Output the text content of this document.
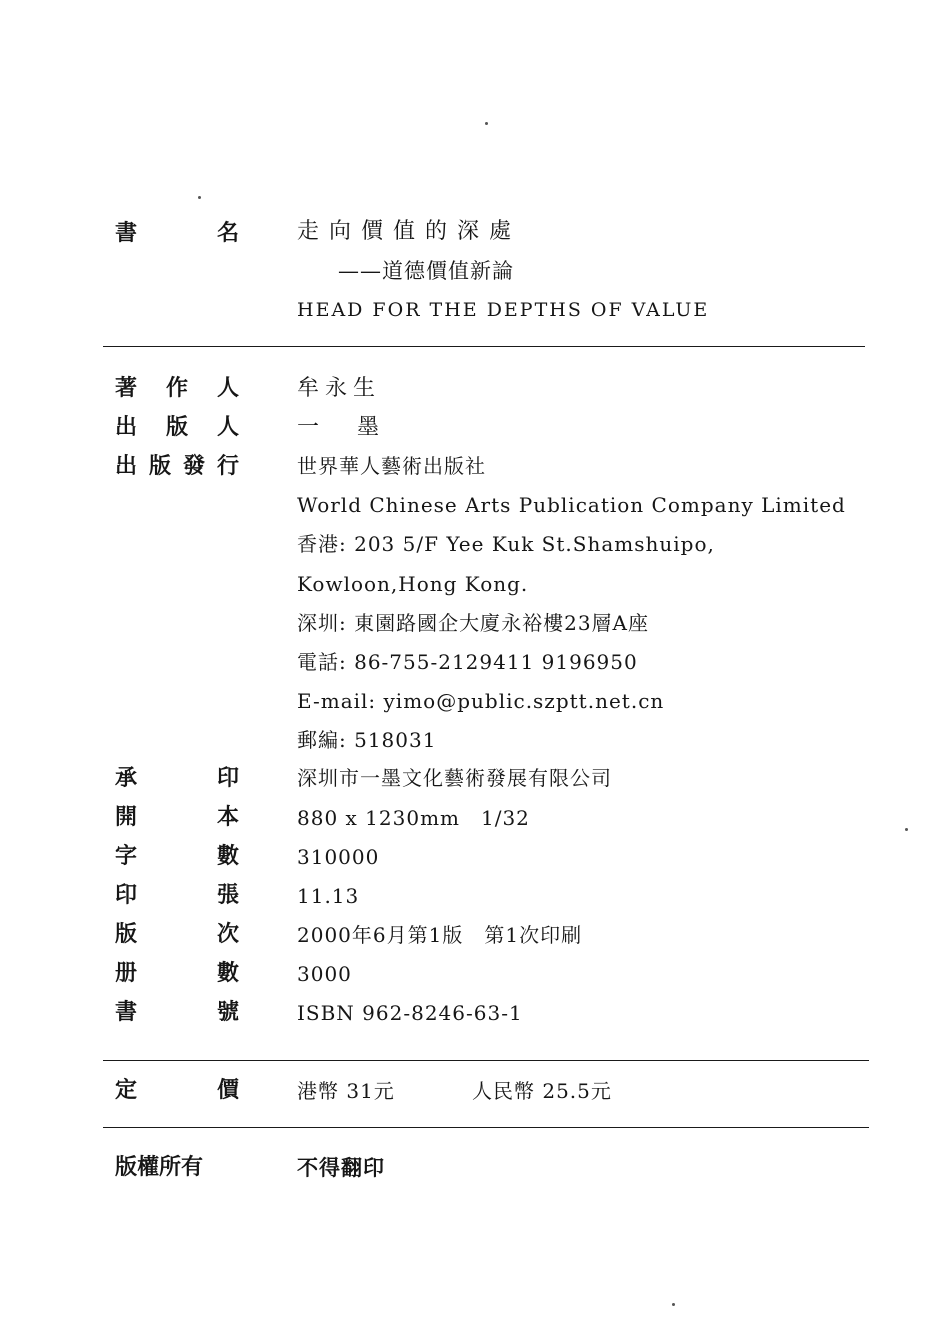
書	名	走向價值的深處
——道德價值新論
HEAD FOR THE DEPTHS OF VALUE
著 作 人	牟永生
出 版 人	一　墨
出 版 發 行	世界華人藝術出版社
World Chinese Arts Publication Company Limited
香港: 203 5/F Yee Kuk St.Shamshuipo,
Kowloon,Hong Kong.
深圳: 東園路國企大廈永裕樓23層A座
電話: 86-755-2129411 9196950
E-mail: yimo@public.szptt.net.cn
郵編: 518031
承	印	深圳市一墨文化藝術發展有限公司
開	本	880 x 1230mm　1/32
字	數	310000
印	張	11.13
版	次	2000年6月第1版　第1次印刷
册	數	3000
書	號	ISBN 962-8246-63-1
定	價	港幣 31元	人民幣 25.5元
版權所有	不得翻印
